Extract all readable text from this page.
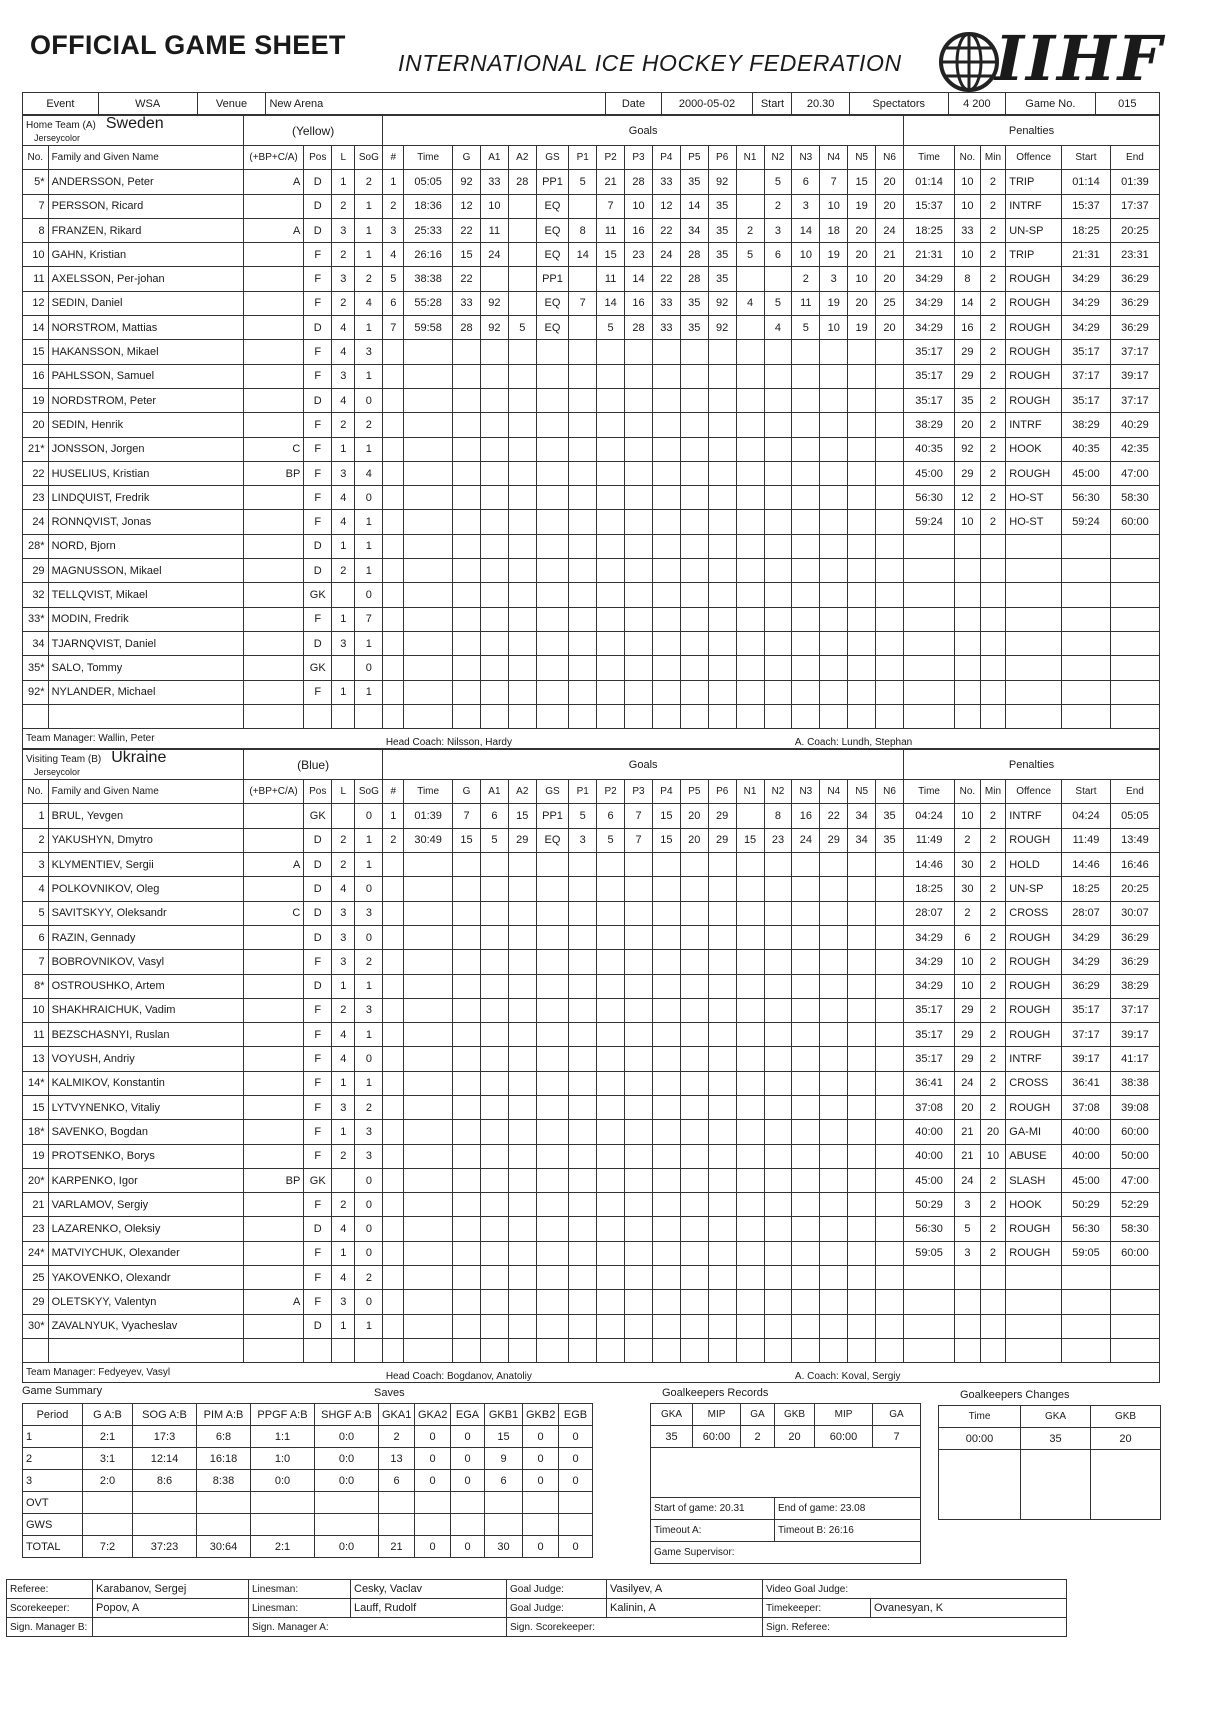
OFFICIAL GAME SHEET
INTERNATIONAL ICE HOCKEY FEDERATION IIHF
Event	WSA	Venue	New Arena	Date	2000-05-02	Start	20.30	Spectators	4 200	Game No.	015
Home Team (A) Sweden
Jerseycolor		(Yellow)				Goals																		Penalties					
No.	Family and Given Name	(+BP+C/A)	Pos	L	SoG	#	Time	G	A1	A2	GS	P1	P2	P3	P4	P5	P6	N1	N2	N3	N4	N5	N6	Time	No.	Min	Offence	Start	End
5*	ANDERSSON, Peter	A	D	1	2	1	05:05	92	33	28	PP1	5	21	28	33	35	92		5	6	7	15	20	01:14	10	2	TRIP	01:14	01:39
7	PERSSON, Ricard		D	2	1	2	18:36	12	10		EQ		7	10	12	14	35		2	3	10	19	20	15:37	10	2	INTRF	15:37	17:37
8	FRANZEN, Rikard	A	D	3	1	3	25:33	22	11		EQ	8	11	16	22	34	35	2	3	14	18	20	24	18:25	33	2	UN-SP	18:25	20:25
10	GAHN, Kristian		F	2	1	4	26:16	15	24		EQ	14	15	23	24	28	35	5	6	10	19	20	21	21:31	10	2	TRIP	21:31	23:31
11	AXELSSON, Per-johan		F	3	2	5	38:38	22			PP1		11	14	22	28	35			2	3	10	20	34:29	8	2	ROUGH	34:29	36:29
12	SEDIN, Daniel		F	2	4	6	55:28	33	92		EQ	7	14	16	33	35	92	4	5	11	19	20	25	34:29	14	2	ROUGH	34:29	36:29
14	NORSTROM, Mattias		D	4	1	7	59:58	28	92	5	EQ		5	28	33	35	92		4	5	10	19	20	34:29	16	2	ROUGH	34:29	36:29
15	HAKANSSON, Mikael		F	4	3																			35:17	29	2	ROUGH	35:17	37:17
16	PAHLSSON, Samuel		F	3	1																			35:17	29	2	ROUGH	37:17	39:17
19	NORDSTROM, Peter		D	4	0																			35:17	35	2	ROUGH	35:17	37:17
20	SEDIN, Henrik		F	2	2																			38:29	20	2	INTRF	38:29	40:29
21*	JONSSON, Jorgen	C	F	1	1																			40:35	92	2	HOOK	40:35	42:35
22	HUSELIUS, Kristian	BP	F	3	4																			45:00	29	2	ROUGH	45:00	47:00
23	LINDQUIST, Fredrik		F	4	0																			56:30	12	2	HO-ST	56:30	58:30
24	RONNQVIST, Jonas		F	4	1																			59:24	10	2	HO-ST	59:24	60:00
28*	NORD, Bjorn		D	1	1																								
29	MAGNUSSON, Mikael		D	2	1																								
32	TELLQVIST, Mikael		GK		0																								
33*	MODIN, Fredrik		F	1	7																								
34	TJARNQVIST, Daniel		D	3	1																								
35*	SALO, Tommy		GK		0																								
92*	NYLANDER, Michael		F	1	1																								

Team Manager: Wallin, Peter						Head Coach: Nilsson, Hardy														A. Coach: Lundh, Stephan									
Visiting Team (B) Ukraine
Jerseycolor		(Blue)				Goals																		Penalties					
No.	Family and Given Name	(+BP+C/A)	Pos	L	SoG	#	Time	G	A1	A2	GS	P1	P2	P3	P4	P5	P6	N1	N2	N3	N4	N5	N6	Time	No.	Min	Offence	Start	End
1	BRUL, Yevgen		GK		0	1	01:39	7	6	15	PP1	5	6	7	15	20	29		8	16	22	34	35	04:24	10	2	INTRF	04:24	05:05
2	YAKUSHYN, Dmytro		D	2	1	2	30:49	15	5	29	EQ	3	5	7	15	20	29	15	23	24	29	34	35	11:49	2	2	ROUGH	11:49	13:49
3	KLYMENTIEV, Sergii	A	D	2	1																			14:46	30	2	HOLD	14:46	16:46
4	POLKOVNIKOV, Oleg		D	4	0																			18:25	30	2	UN-SP	18:25	20:25
5	SAVITSKYY, Oleksandr	C	D	3	3																			28:07	2	2	CROSS	28:07	30:07
6	RAZIN, Gennady		D	3	0																			34:29	6	2	ROUGH	34:29	36:29
7	BOBROVNIKOV, Vasyl		F	3	2																			34:29	10	2	ROUGH	34:29	36:29
8*	OSTROUSHKO, Artem		D	1	1																			34:29	10	2	ROUGH	36:29	38:29
10	SHAKHRAICHUK, Vadim		F	2	3																			35:17	29	2	ROUGH	35:17	37:17
11	BEZSCHASNYI, Ruslan		F	4	1																			35:17	29	2	ROUGH	37:17	39:17
13	VOYUSH, Andriy		F	4	0																			35:17	29	2	INTRF	39:17	41:17
14*	KALMIKOV, Konstantin		F	1	1																			36:41	24	2	CROSS	36:41	38:38
15	LYTVYNENKO, Vitaliy		F	3	2																			37:08	20	2	ROUGH	37:08	39:08
18*	SAVENKO, Bogdan		F	1	3																			40:00	21	20	GA-MI	40:00	60:00
19	PROTSENKO, Borys		F	2	3																			40:00	21	10	ABUSE	40:00	50:00
20*	KARPENKO, Igor	BP	GK		0																			45:00	24	2	SLASH	45:00	47:00
21	VARLAMOV, Sergiy		F	2	0																			50:29	3	2	HOOK	50:29	52:29
23	LAZARENKO, Oleksiy		D	4	0																			56:30	5	2	ROUGH	56:30	58:30
24*	MATVIYCHUK, Olexander		F	1	0																			59:05	3	2	ROUGH	59:05	60:00
25	YAKOVENKO, Olexandr		F	4	2																								
29	OLETSKYY, Valentyn	A	F	3	0																								
30*	ZAVALNYUK, Vyacheslav		D	1	1																								

Team Manager: Fedyeyev, Vasyl						Head Coach: Bogdanov, Anatoliy														A. Coach: Koval, Sergiy									
Game Summary	Saves
Period	G A:B	SOG A:B	PIM A:B	PPGF A:B	SHGF A:B	GKA1	GKA2	EGA	GKB1	GKB2	EGB
1	2:1	17:3	6:8	1:1	0:0	2	0	0	15	0	0
2	3:1	12:14	16:18	1:0	0:0	13	0	0	9	0	0
3	2:0	8:6	8:38	0:0	0:0	6	0	0	6	0	0
OVT											
GWS											
TOTAL	7:2	37:23	30:64	2:1	0:0	21	0	0	30	0	0
Goalkeepers Records
GKA	MIP	GA	GKB	MIP	GA
35	60:00	2	20	60:00	7

Start of game: 20.31			End of game: 23.08		
Timeout A:			Timeout B: 26:16		
Game Supervisor:					
Goalkeepers Changes
Time	GKA	GKB
00:00	35	20

Referee:	Karabanov, Sergej	Linesman:	Cesky, Vaclav	Goal Judge:	Vasilyev, A	Video Goal Judge:	
Scorekeeper:	Popov, A	Linesman:	Lauff, Rudolf	Goal Judge:	Kalinin, A	Timekeeper:	Ovanesyan, K
Sign. Manager B:		Sign. Manager A:		Sign. Scorekeeper:		Sign. Referee:	
